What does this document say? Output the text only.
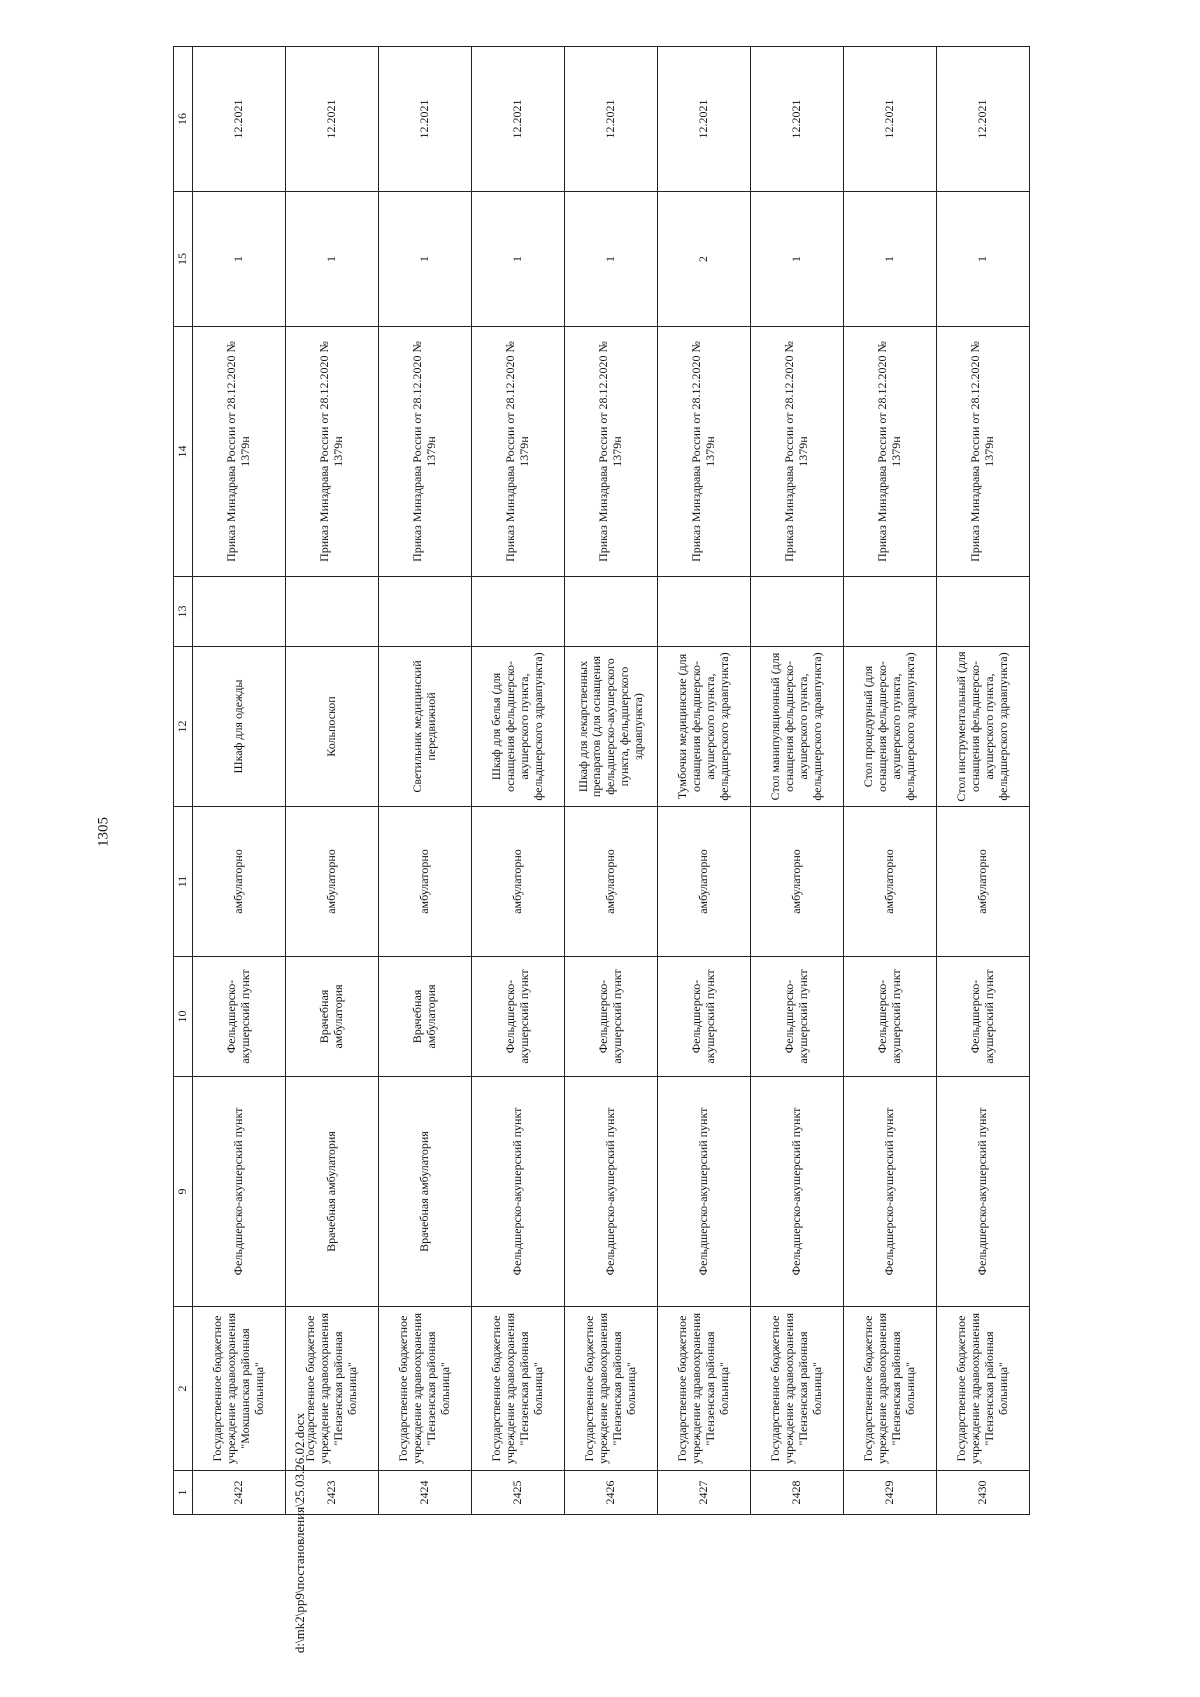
1305
1	2	9	10	11	12	13	14	15	16
2422	Государственное бюджетное учреждение здравоохранения "Мокшанская районная больница"	Фельдшерско-акушерский пункт	Фельдшерско-акушерский пункт	амбулаторно	Шкаф для одежды		Приказ Минздрава России от 28.12.2020 № 1379н	1	12.2021
2423	Государственное бюджетное учреждение здравоохранения "Пензенская районная больница"	Врачебная амбулатория	Врачебная амбулатория	амбулаторно	Кольпоскоп		Приказ Минздрава России от 28.12.2020 № 1379н	1	12.2021
2424	Государственное бюджетное учреждение здравоохранения "Пензенская районная больница"	Врачебная амбулатория	Врачебная амбулатория	амбулаторно	Светильник медицинский передвижной		Приказ Минздрава России от 28.12.2020 № 1379н	1	12.2021
2425	Государственное бюджетное учреждение здравоохранения "Пензенская районная больница"	Фельдшерско-акушерский пункт	Фельдшерско-акушерский пункт	амбулаторно	Шкаф для белья (для оснащения фельдшерско-акушерского пункта, фельдшерского здравпункта)		Приказ Минздрава России от 28.12.2020 № 1379н	1	12.2021
2426	Государственное бюджетное учреждение здравоохранения "Пензенская районная больница"	Фельдшерско-акушерский пункт	Фельдшерско-акушерский пункт	амбулаторно	Шкаф для лекарственных препаратов (для оснащения фельдшерско-акушерского пункта, фельдшерского здравпункта)		Приказ Минздрава России от 28.12.2020 № 1379н	1	12.2021
2427	Государственное бюджетное учреждение здравоохранения "Пензенская районная больница"	Фельдшерско-акушерский пункт	Фельдшерско-акушерский пункт	амбулаторно	Тумбочки медицинские (для оснащения фельдшерско-акушерского пункта, фельдшерского здравпункта)		Приказ Минздрава России от 28.12.2020 № 1379н	2	12.2021
2428	Государственное бюджетное учреждение здравоохранения "Пензенская районная больница"	Фельдшерско-акушерский пункт	Фельдшерско-акушерский пункт	амбулаторно	Стол манипуляционный (для оснащения фельдшерско-акушерского пункта, фельдшерского здравпункта)		Приказ Минздрава России от 28.12.2020 № 1379н	1	12.2021
2429	Государственное бюджетное учреждение здравоохранения "Пензенская районная больница"	Фельдшерско-акушерский пункт	Фельдшерско-акушерский пункт	амбулаторно	Стол процедурный (для оснащения фельдшерско-акушерского пункта, фельдшерского здравпункта)		Приказ Минздрава России от 28.12.2020 № 1379н	1	12.2021
2430	Государственное бюджетное учреждение здравоохранения "Пензенская районная больница"	Фельдшерско-акушерский пункт	Фельдшерско-акушерский пункт	амбулаторно	Стол инструментальный (для оснащения фельдшерско-акушерского пункта, фельдшерского здравпункта)		Приказ Минздрава России от 28.12.2020 № 1379н	1	12.2021
d:\mk2\pp9\постановления\25.03.26.02.docx
